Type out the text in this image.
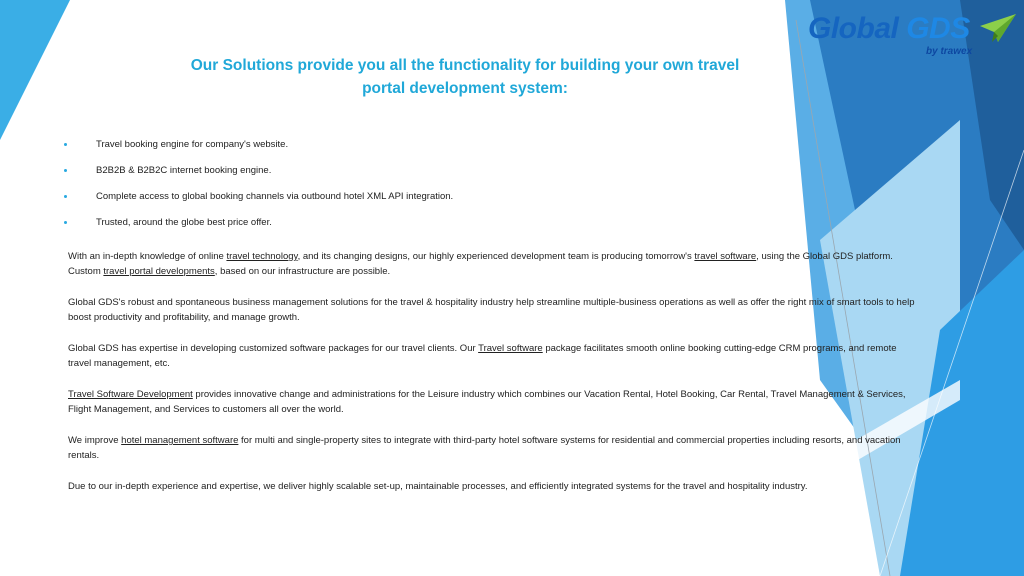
Global GDS
by trawex
Our Solutions provide you all the functionality for building your own travel
portal development system:
Travel booking engine for company's website.
B2B2B & B2B2C internet booking engine.
Complete access to global booking channels via outbound hotel XML API integration.
Trusted, around the globe best price offer.

With an in-depth knowledge of online travel technology, and its changing designs, our highly experienced development team is producing tomorrow's travel software, using the Global GDS platform. Custom travel portal developments, based on our infrastructure are possible.

Global GDS's robust and spontaneous business management solutions for the travel & hospitality industry help streamline multiple-business operations as well as offer the right mix of smart tools to help boost productivity and profitability, and manage growth.

Global GDS has expertise in developing customized software packages for our travel clients. Our Travel software package facilitates smooth online booking cutting-edge CRM programs, and remote travel management, etc.

Travel Software Development provides innovative change and administrations for the Leisure industry which combines our Vacation Rental, Hotel Booking, Car Rental, Travel Management & Services, Flight Management, and Services to customers all over the world.

We improve hotel management software for multi and single-property sites to integrate with third-party hotel software systems for residential and commercial properties including resorts, and vacation rentals.

Due to our in-depth experience and expertise, we deliver highly scalable set-up, maintainable processes, and efficiently integrated systems for the travel and hospitality industry.
